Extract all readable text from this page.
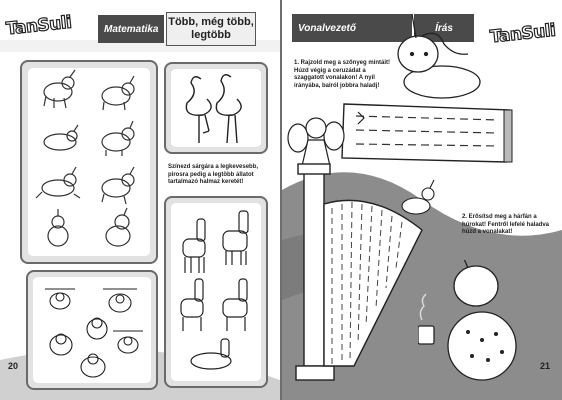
TanSuli	Matematika
Több, még több, legtöbb
Színezd sárgára a legkevesebb, pirosra pedig a legtöbb állatot tartalmazó halmaz keretét!
20
Vonalvezető	Írás TanSuli
1. Rajzold meg a szőnyeg mintáit! Húzd végig a ceruzádat a szaggatott vonalakon! A nyíl irányába, balról jobbra haladj!
2. Erősítsd meg a hárfán a húrokat! Fentről lefelé haladva húzd a vonalakat!
21
